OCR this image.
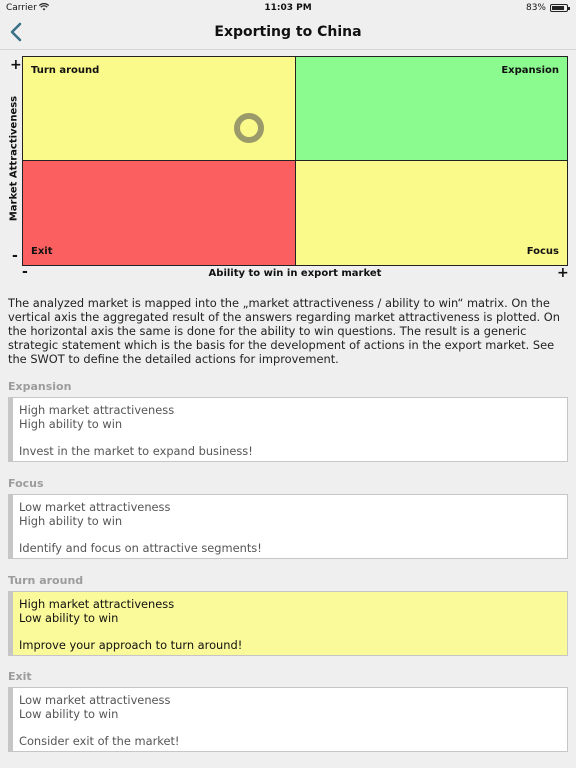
Carrier	11:03 PM	83%
Exporting to China
+
-
Market Attractiveness
Turn around	Expansion
Exit	Focus
-	Ability to win in export market	+
The analyzed market is mapped into the „market attractiveness / ability to win“ matrix. On the vertical axis the aggregated result of the answers regarding market attractiveness is plotted. On the horizontal axis the same is done for the ability to win questions. The result is a generic strategic statement which is the basis for the development of actions in the export market. See the SWOT to define the detailed actions for improvement.
Expansion
High market attractiveness
High ability to win
Invest in the market to expand business!
Focus
Low market attractiveness
High ability to win
Identify and focus on attractive segments!
Turn around
High market attractiveness
Low ability to win
Improve your approach to turn around!
Exit
Low market attractiveness
Low ability to win
Consider exit of the market!
